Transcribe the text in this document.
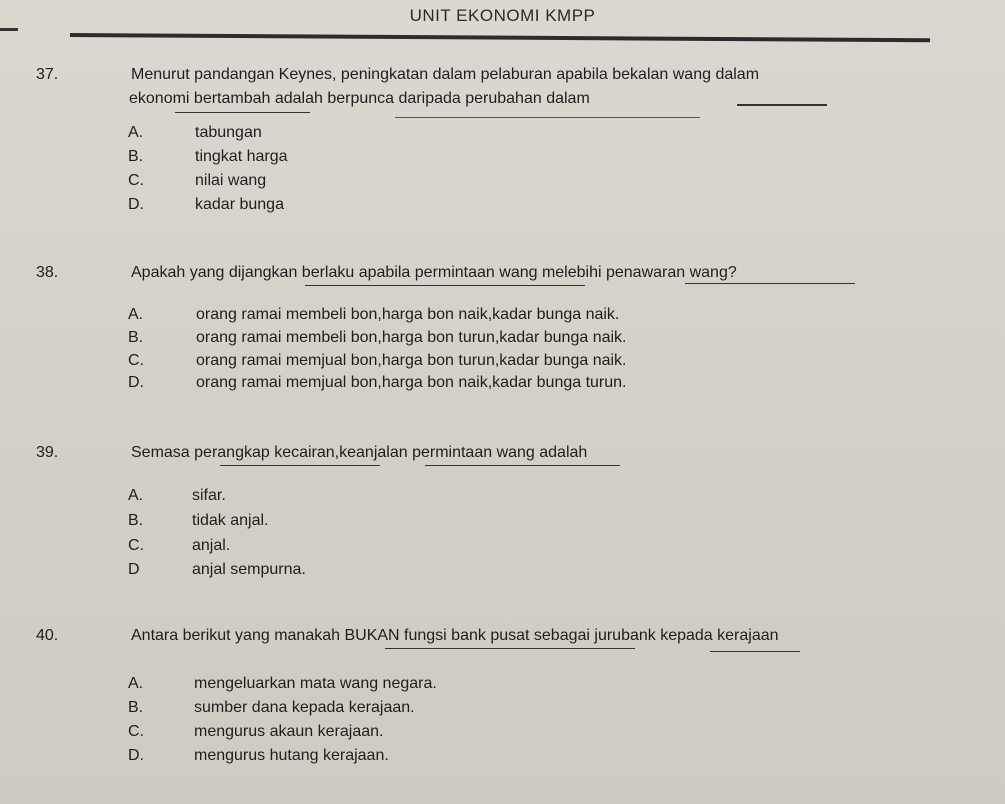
UNIT EKONOMI KMPP
37.	Menurut pandangan Keynes, peningkatan dalam pelaburan apabila bekalan wang dalam
ekonomi bertambah adalah berpunca daripada perubahan dalam
A.	tabungan
B.	tingkat harga
C.	nilai wang
D.	kadar bunga
38.	Apakah yang dijangkan berlaku apabila permintaan wang melebihi penawaran wang?
A.	orang ramai membeli bon,harga bon naik,kadar bunga naik.
B.	orang ramai membeli bon,harga bon turun,kadar bunga naik.
C.	orang ramai memjual bon,harga bon turun,kadar bunga naik.
D.	orang ramai memjual bon,harga bon naik,kadar bunga turun.
39.	Semasa perangkap kecairan,keanjalan permintaan wang adalah
A.	sifar.
B.	tidak anjal.
C.	anjal.
D	anjal sempurna.
40.	Antara berikut yang manakah BUKAN fungsi bank pusat sebagai jurubank kepada kerajaan
A.	mengeluarkan mata wang negara.
B.	sumber dana kepada kerajaan.
C.	mengurus akaun kerajaan.
D.	mengurus hutang kerajaan.
